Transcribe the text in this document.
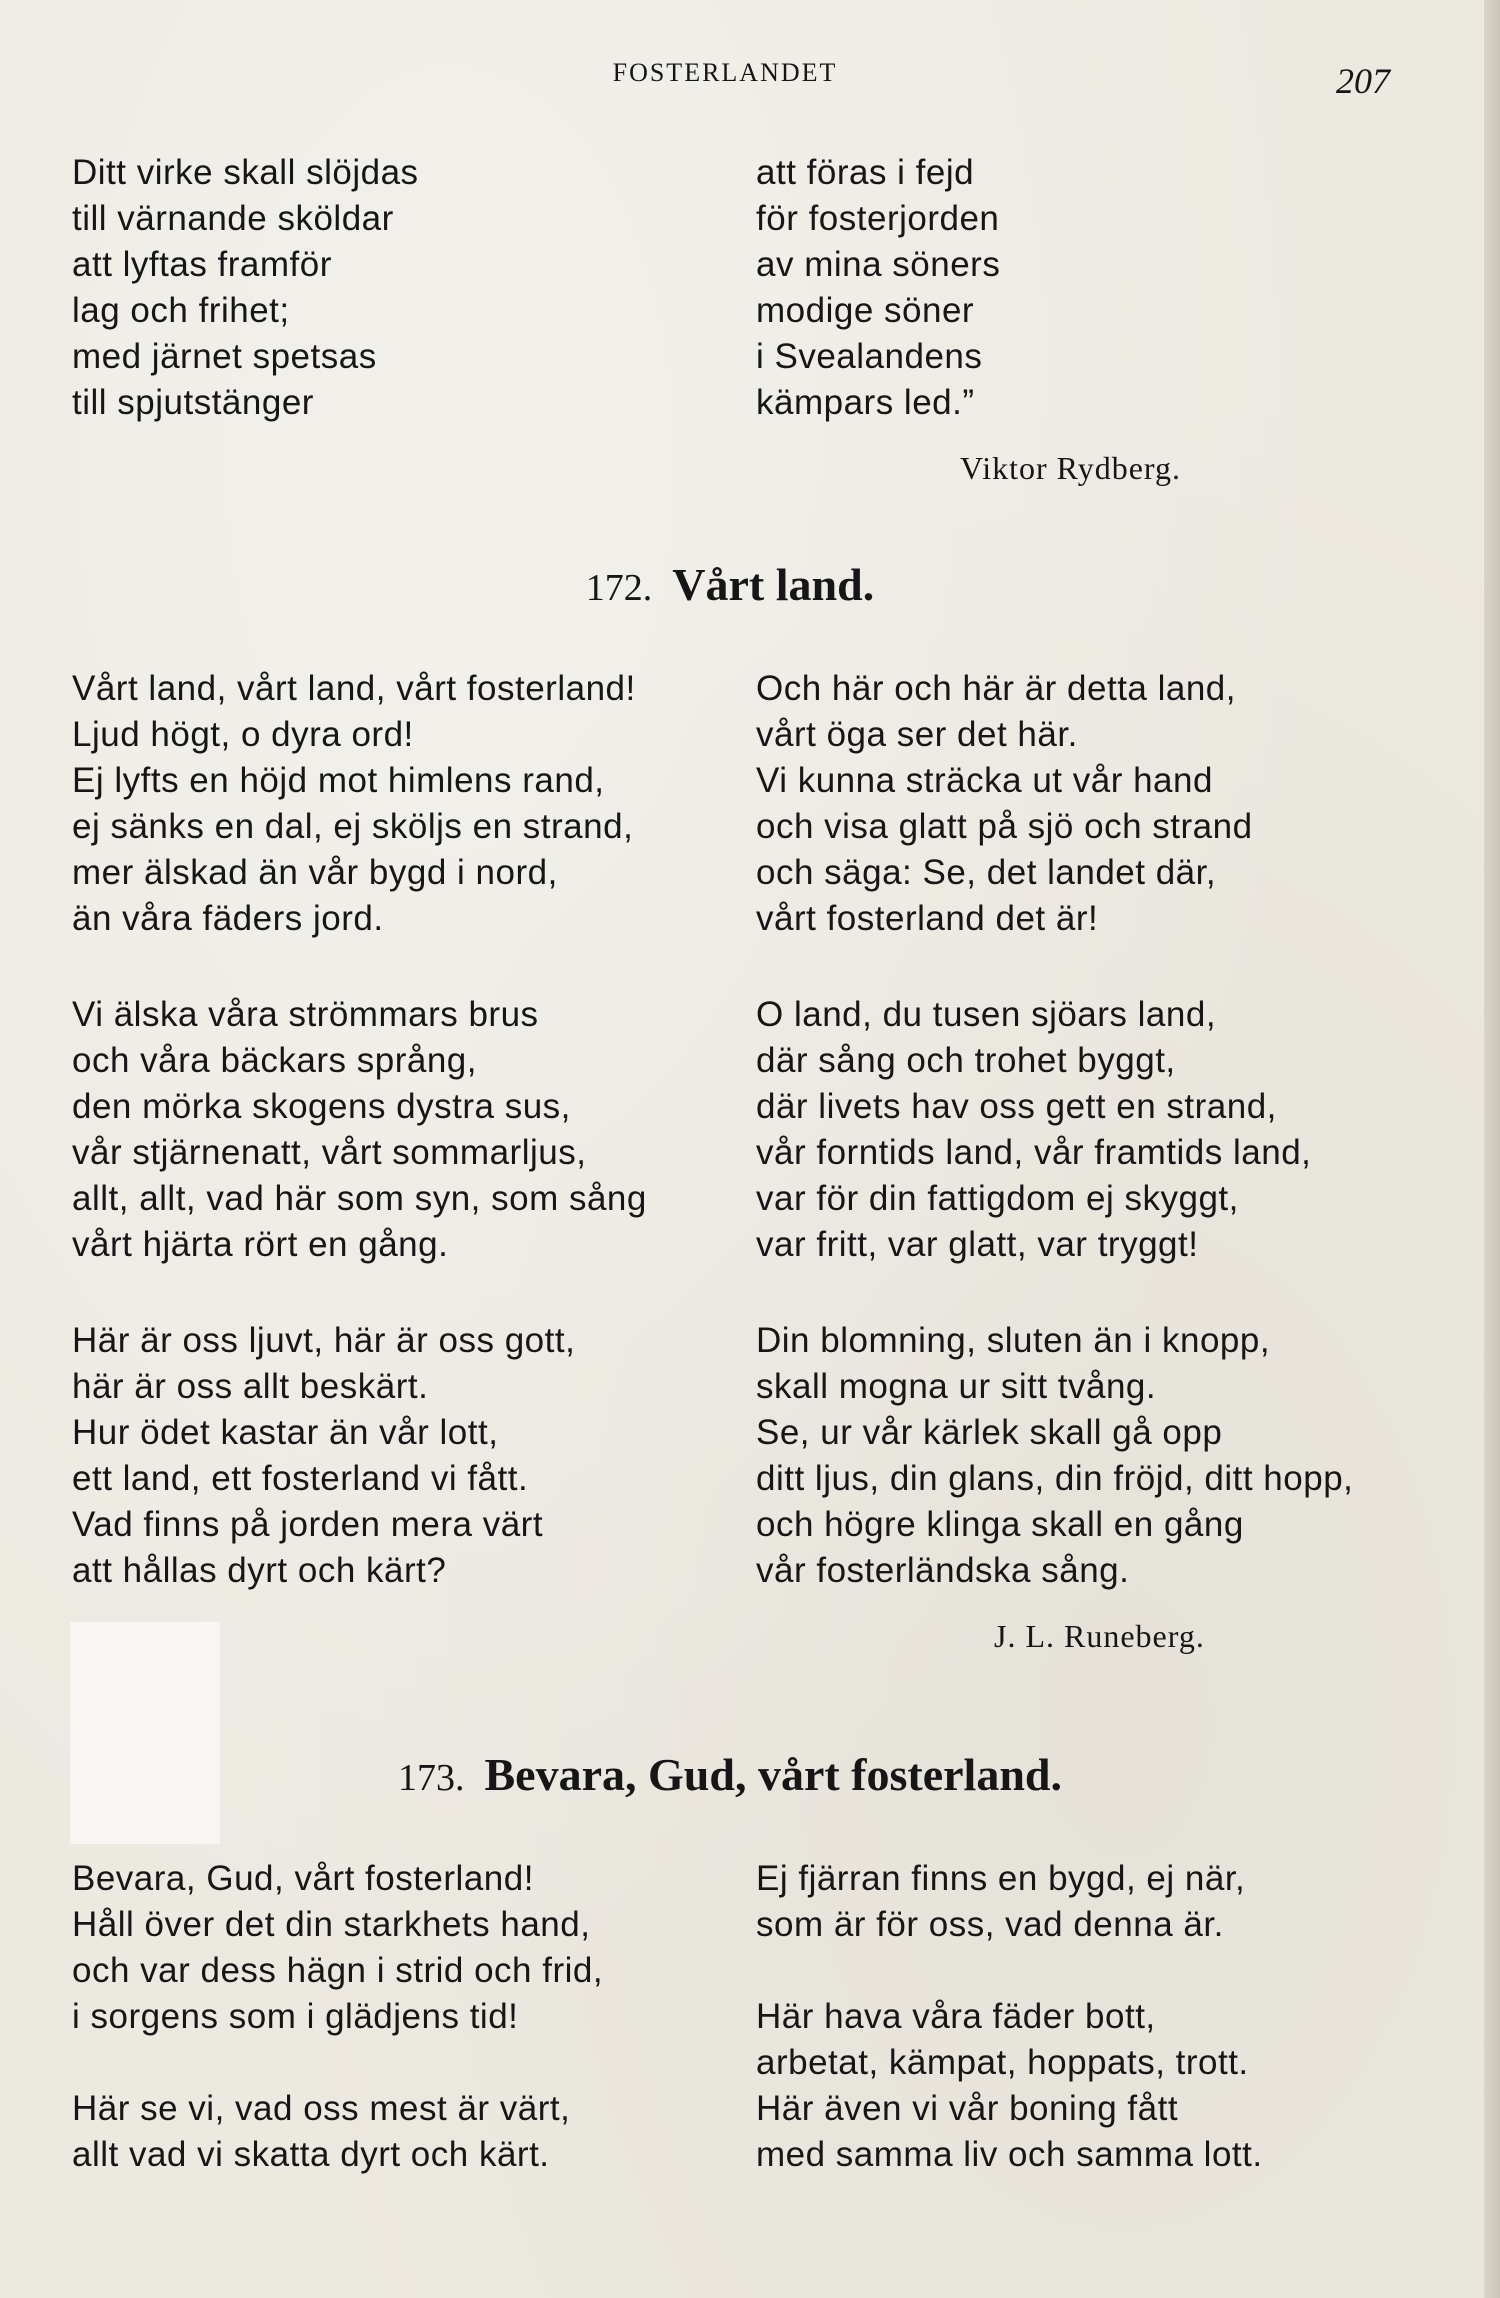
FOSTERLANDET	207
Ditt virke skall slöjdas
till värnande sköldar
att lyftas framför
lag och frihet;
med järnet spetsas
till spjutstänger
att föras i fejd
för fosterjorden
av mina söners
modige söner
i Svealandens
kämpars led.”
Viktor Rydberg.
172. Vårt land.
Vårt land, vårt land, vårt fosterland!
Ljud högt, o dyra ord!
Ej lyfts en höjd mot himlens rand,
ej sänks en dal, ej sköljs en strand,
mer älskad än vår bygd i nord,
än våra fäders jord.
Och här och här är detta land,
vårt öga ser det här.
Vi kunna sträcka ut vår hand
och visa glatt på sjö och strand
och säga: Se, det landet där,
vårt fosterland det är!
Vi älska våra strömmars brus
och våra bäckars språng,
den mörka skogens dystra sus,
vår stjärnenatt, vårt sommarljus,
allt, allt, vad här som syn, som sång
vårt hjärta rört en gång.
O land, du tusen sjöars land,
där sång och trohet byggt,
där livets hav oss gett en strand,
vår forntids land, vår framtids land,
var för din fattigdom ej skyggt,
var fritt, var glatt, var tryggt!
Här är oss ljuvt, här är oss gott,
här är oss allt beskärt.
Hur ödet kastar än vår lott,
ett land, ett fosterland vi fått.
Vad finns på jorden mera värt
att hållas dyrt och kärt?
Din blomning, sluten än i knopp,
skall mogna ur sitt tvång.
Se, ur vår kärlek skall gå opp
ditt ljus, din glans, din fröjd, ditt hopp,
och högre klinga skall en gång
vår fosterländska sång.
J. L. Runeberg.
173. Bevara, Gud, vårt fosterland.
Bevara, Gud, vårt fosterland!
Håll över det din starkhets hand,
och var dess hägn i strid och frid,
i sorgens som i glädjens tid!
Ej fjärran finns en bygd, ej när,
som är för oss, vad denna är.
Här se vi, vad oss mest är värt,
allt vad vi skatta dyrt och kärt.
Här hava våra fäder bott,
arbetat, kämpat, hoppats, trott.
Här även vi vår boning fått
med samma liv och samma lott.
